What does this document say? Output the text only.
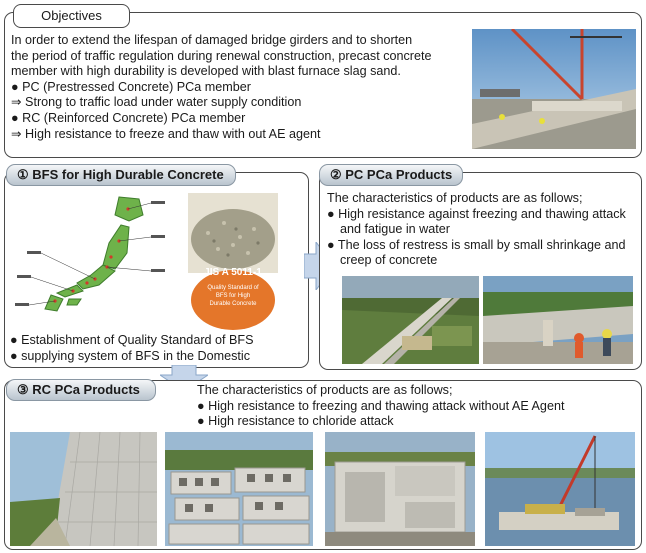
Objectives
In order to extend the lifespan of damaged bridge girders and to shorten
the period of traffic regulation during renewal construction, precast concrete
member with high durability is developed with blast furnace slag sand.
● PC (Prestressed Concrete) PCa member
⇒ Strong to traffic load under water supply condition
● RC (Reinforced Concrete) PCa member
⇒ High resistance to freeze and thaw with out AE agent
① BFS for High Durable Concrete
JIS A 5011-1
Quality Standard of BFS for High Durable Concrete
● Establishment of Quality Standard of BFS
● supplying system of BFS in the Domestic
② PC PCa Products
The characteristics of products are as follows;
● High resistance against freezing and thawing attack and fatigue in water
● The loss of restress is small by small shrinkage and creep of concrete
③ RC PCa Products	The characteristics of products are as follows;
● High resistance to freezing and thawing attack without AE Agent
● High resistance to chloride attack
